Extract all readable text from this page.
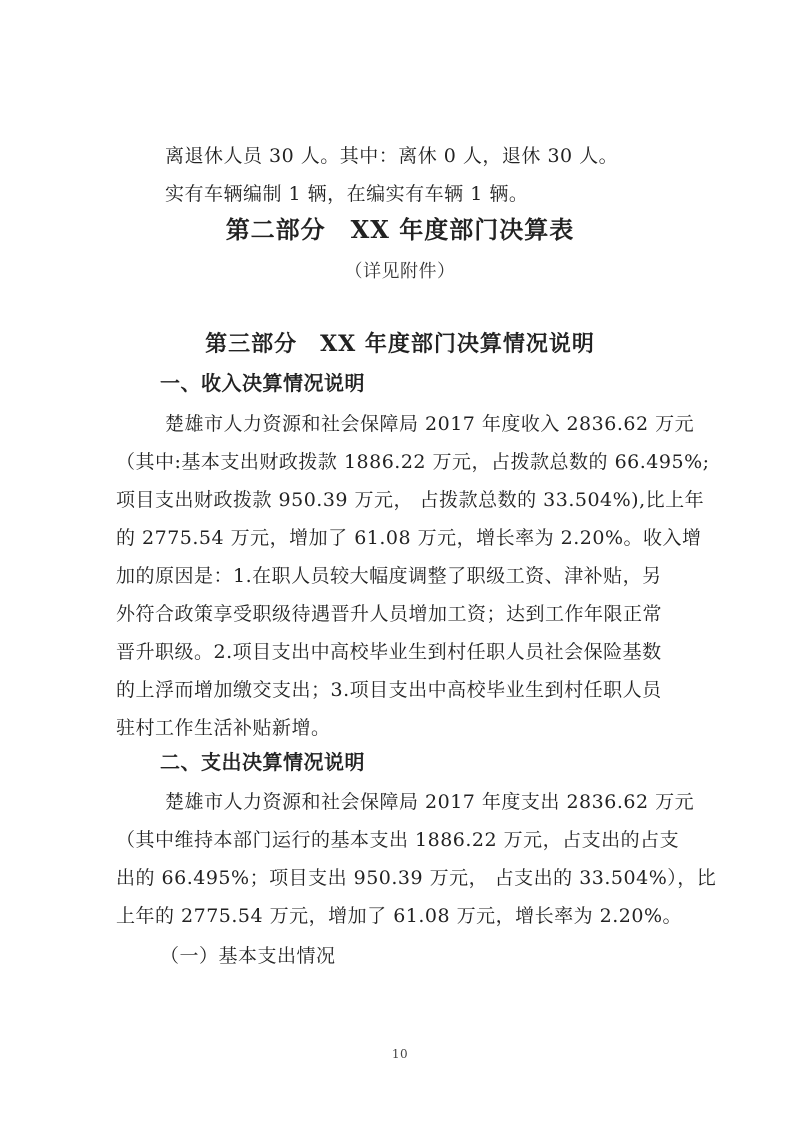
离退休人员 30 人。其中：离休 0 人，退休 30 人。
实有车辆编制 1 辆，在编实有车辆 1 辆。
第二部分　XX 年度部门决算表
（详见附件）
第三部分　XX 年度部门决算情况说明
一、收入决算情况说明
楚雄市人力资源和社会保障局 2017 年度收入 2836.62 万元
（其中:基本支出财政拨款 1886.22 万元，占拨款总数的 66.495%;
项目支出财政拨款 950.39 万元， 占拨款总数的 33.504%),比上年
的 2775.54 万元，增加了 61.08 万元，增长率为 2.20%。收入增
加的原因是：1.在职人员较大幅度调整了职级工资、津补贴，另
外符合政策享受职级待遇晋升人员增加工资；达到工作年限正常
晋升职级。2.项目支出中高校毕业生到村任职人员社会保险基数
的上浮而增加缴交支出；3.项目支出中高校毕业生到村任职人员
驻村工作生活补贴新增。
二、支出决算情况说明
楚雄市人力资源和社会保障局 2017 年度支出 2836.62 万元
（其中维持本部门运行的基本支出 1886.22 万元，占支出的占支
出的 66.495%；项目支出 950.39 万元， 占支出的 33.504%），比
上年的 2775.54 万元，增加了 61.08 万元，增长率为 2.20%。
（一）基本支出情况
10
